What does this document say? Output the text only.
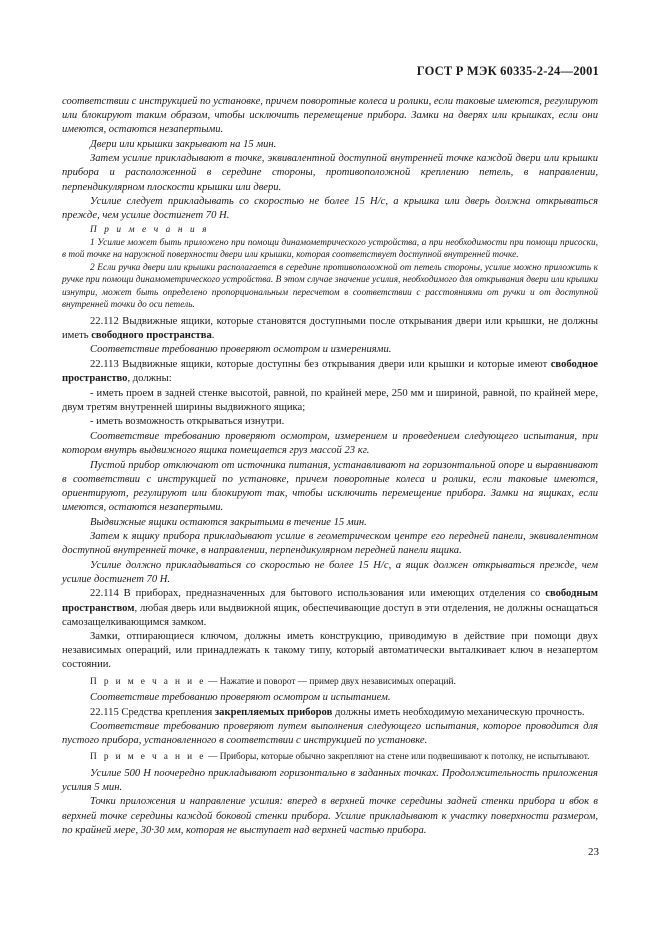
ГОСТ Р МЭК 60335-2-24—2001

соответствии с инструкцией по установке, причем поворотные колеса и ролики, если таковые имеются, регулируют или блокируют таким образом, чтобы исключить перемещение прибора. Замки на дверях или крышках, если они имеются, остаются незапертыми.

Двери или крышки закрывают на 15 мин.

Затем усилие прикладывают в точке, эквивалентной доступной внутренней точке каждой двери или крышки прибора и расположенной в середине стороны, противоположной креплению петель, в направлении, перпендикулярном плоскости крышки или двери.

Усилие следует прикладывать со скоростью не более 15 Н/с, а крышка или дверь должна открываться прежде, чем усилие достигнет 70 Н.

П р и м е ч а н и я

1 Усилие может быть приложено при помощи динамометрического устройства, а при необходимости при помощи присоски, в той точке на наружной поверхности двери или крышки, которая соответствует доступной внутренней точке.

2 Если ручка двери или крышки располагается в середине противоположной от петель стороны, усилие можно приложить к ручке при помощи динамометрического устройства. В этом случае значение усилия, необходимого для открывания двери или крышки изнутри, может быть определено пропорциональным пересчетом в соответствии с расстояниями от ручки и от доступной внутренней точки до оси петель.

22.112 Выдвижные ящики, которые становятся доступными после открывания двери или крышки, не должны иметь свободного пространства.

Соответствие требованию проверяют осмотром и измерениями.

22.113 Выдвижные ящики, которые доступны без открывания двери или крышки и которые имеют свободное пространство, должны:

- иметь проем в задней стенке высотой, равной, по крайней мере, 250 мм и шириной, равной, по крайней мере, двум третям внутренней ширины выдвижного ящика;

- иметь возможность открываться изнутри.

Соответствие требованию проверяют осмотром, измерением и проведением следующего испытания, при котором внутрь выдвижного ящика помещается груз массой 23 кг.

Пустой прибор отключают от источника питания, устанавливают на горизонтальной опоре и выравнивают в соответствии с инструкцией по установке, причем поворотные колеса и ролики, если таковые имеются, ориентируют, регулируют или блокируют так, чтобы исключить перемещение прибора. Замки на ящиках, если имеются, остаются незапертыми.

Выдвижные ящики остаются закрытыми в течение 15 мин.

Затем к ящику прибора прикладывают усилие в геометрическом центре его передней панели, эквивалентном доступной внутренней точке, в направлении, перпендикулярном передней панели ящика.

Усилие должно прикладываться со скоростью не более 15 Н/с, а ящик должен открываться прежде, чем усилие достигнет 70 Н.

22.114 В приборах, предназначенных для бытового использования или имеющих отделения со свободным пространством, любая дверь или выдвижной ящик, обеспечивающие доступ в эти отделения, не должны оснащаться самозащелкивающимся замком.

Замки, отпирающиеся ключом, должны иметь конструкцию, приводимую в действие при помощи двух независимых операций, или принадлежать к такому типу, который автоматически выталкивает ключ в незапертом состоянии.

П р и м е ч а н и е — Нажатие и поворот — пример двух независимых операций.

Соответствие требованию проверяют осмотром и испытанием.

22.115 Средства крепления закрепляемых приборов должны иметь необходимую механическую прочность.

Соответствие требованию проверяют путем выполнения следующего испытания, которое проводится для пустого прибора, установленного в соответствии с инструкцией по установке.

П р и м е ч а н и е — Приборы, которые обычно закрепляют на стене или подвешивают к потолку, не испытывают.

Усилие 500 Н поочередно прикладывают горизонтально в заданных точках. Продолжительность приложения усилия 5 мин.

Точки приложения и направление усилия: вперед в верхней точке середины задней стенки прибора и вбок в верхней точке середины каждой боковой стенки прибора. Усилие прикладывают к участку поверхности размером, по крайней мере, 30·30 мм, которая не выступает над верхней частью прибора.

23
